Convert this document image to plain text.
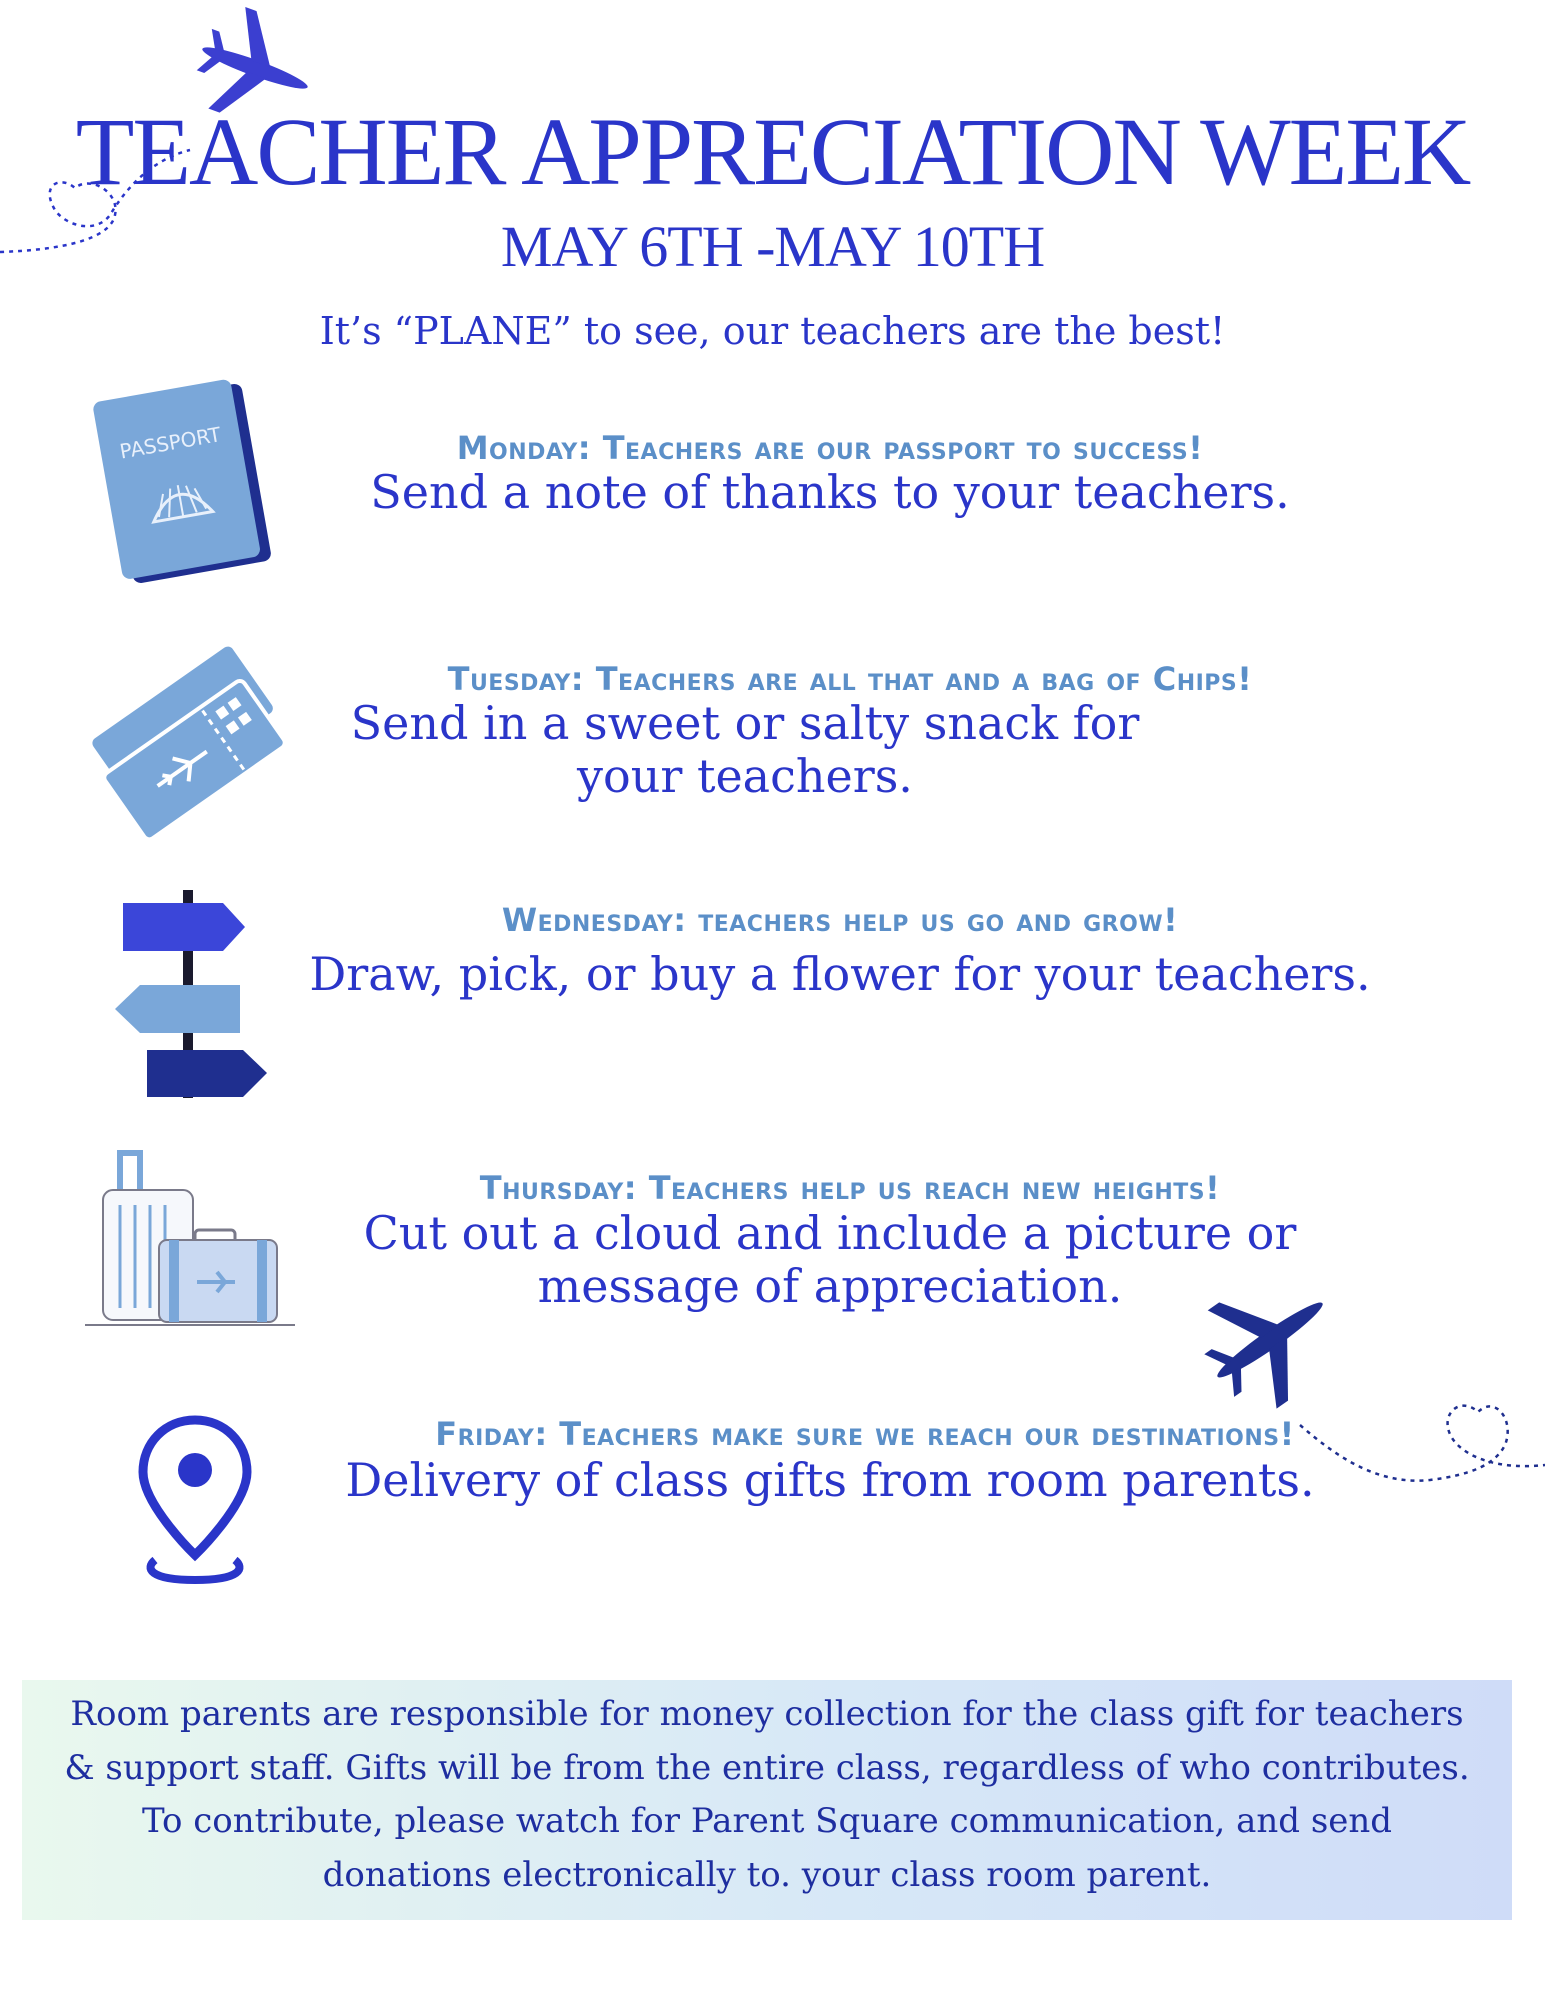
TEACHER APPRECIATION WEEK
MAY 6TH -MAY 10TH
It’s “PLANE” to see, our teachers are the best!
PASSPORT	Monday: Teachers are our passport to success!
Send a note of thanks to your teachers.
Tuesday: Teachers are all that and a bag of Chips!
Send in a sweet or salty snack for
your teachers.
Wednesday: teachers help us go and grow!
Draw, pick, or buy a flower for your teachers.
Thursday: Teachers help us reach new heights!
Cut out a cloud and include a picture or
message of appreciation.
Friday: Teachers make sure we reach our destinations!
Delivery of class gifts from room parents.
Room parents are responsible for money collection for the class gift for teachers
& support staff. Gifts will be from the entire class, regardless of who contributes.
To contribute, please watch for Parent Square communication, and send
donations electronically to. your class room parent.
